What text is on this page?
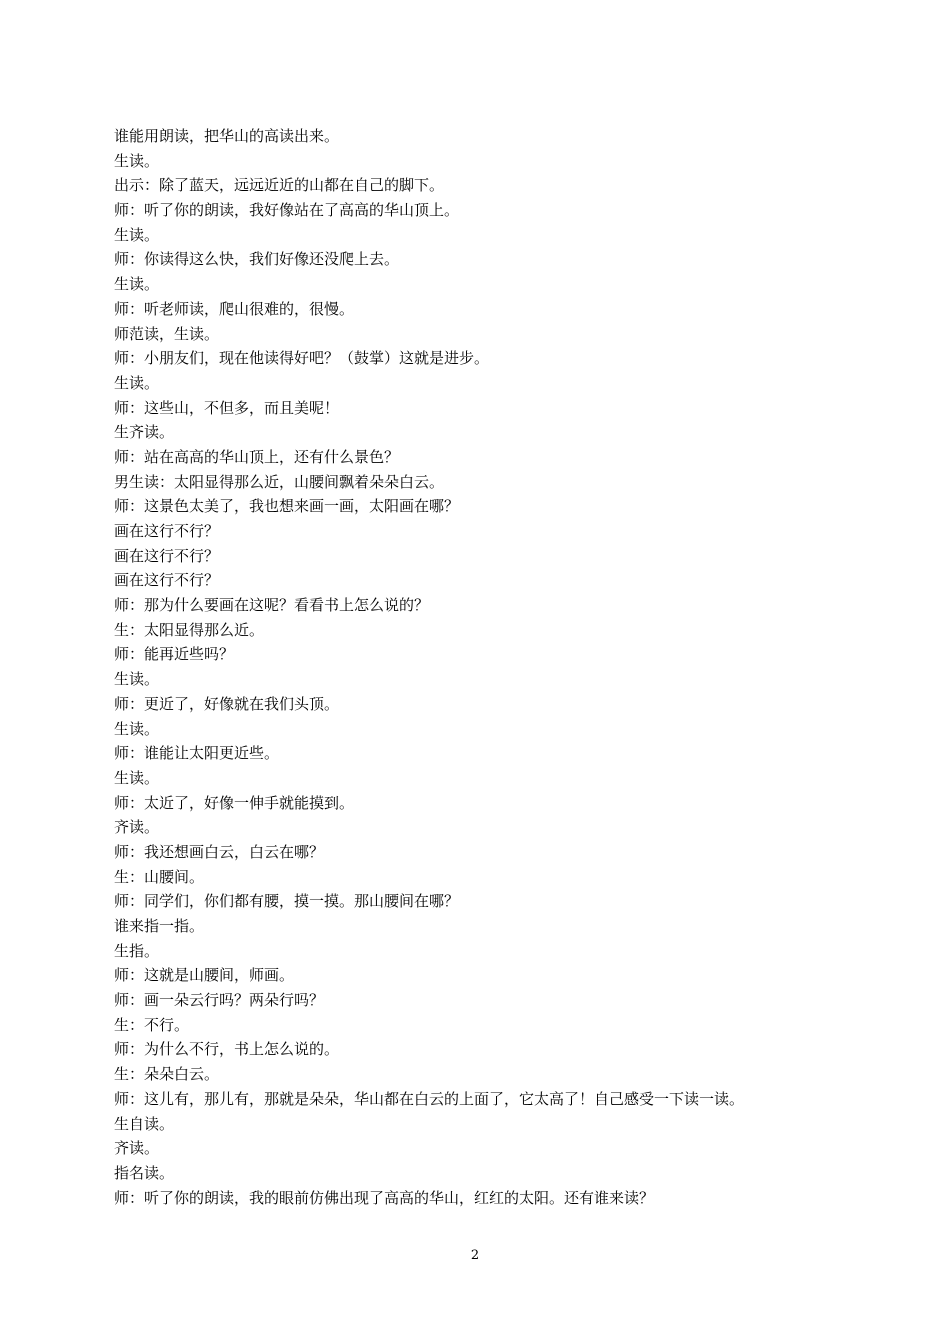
谁能用朗读，把华山的高读出来。
生读。
出示：除了蓝天，远远近近的山都在自己的脚下。
师：听了你的朗读，我好像站在了高高的华山顶上。
生读。
师：你读得这么快，我们好像还没爬上去。
生读。
师：听老师读，爬山很难的，很慢。
师范读，生读。
师：小朋友们，现在他读得好吧？（鼓掌）这就是进步。
生读。
师：这些山，不但多，而且美呢！
生齐读。
师：站在高高的华山顶上，还有什么景色？
男生读：太阳显得那么近，山腰间飘着朵朵白云。
师：这景色太美了，我也想来画一画，太阳画在哪？
画在这行不行？
画在这行不行？
画在这行不行？
师：那为什么要画在这呢？看看书上怎么说的？
生：太阳显得那么近。
师：能再近些吗？
生读。
师：更近了，好像就在我们头顶。
生读。
师：谁能让太阳更近些。
生读。
师：太近了，好像一伸手就能摸到。
齐读。
师：我还想画白云，白云在哪？
生：山腰间。
师：同学们，你们都有腰，摸一摸。那山腰间在哪？
谁来指一指。
生指。
师：这就是山腰间，师画。
师：画一朵云行吗？两朵行吗？
生：不行。
师：为什么不行，书上怎么说的。
生：朵朵白云。
师：这儿有，那儿有，那就是朵朵，华山都在白云的上面了，它太高了！自己感受一下读一读。
生自读。
齐读。
指名读。
师：听了你的朗读，我的眼前仿佛出现了高高的华山，红红的太阳。还有谁来读？
2
